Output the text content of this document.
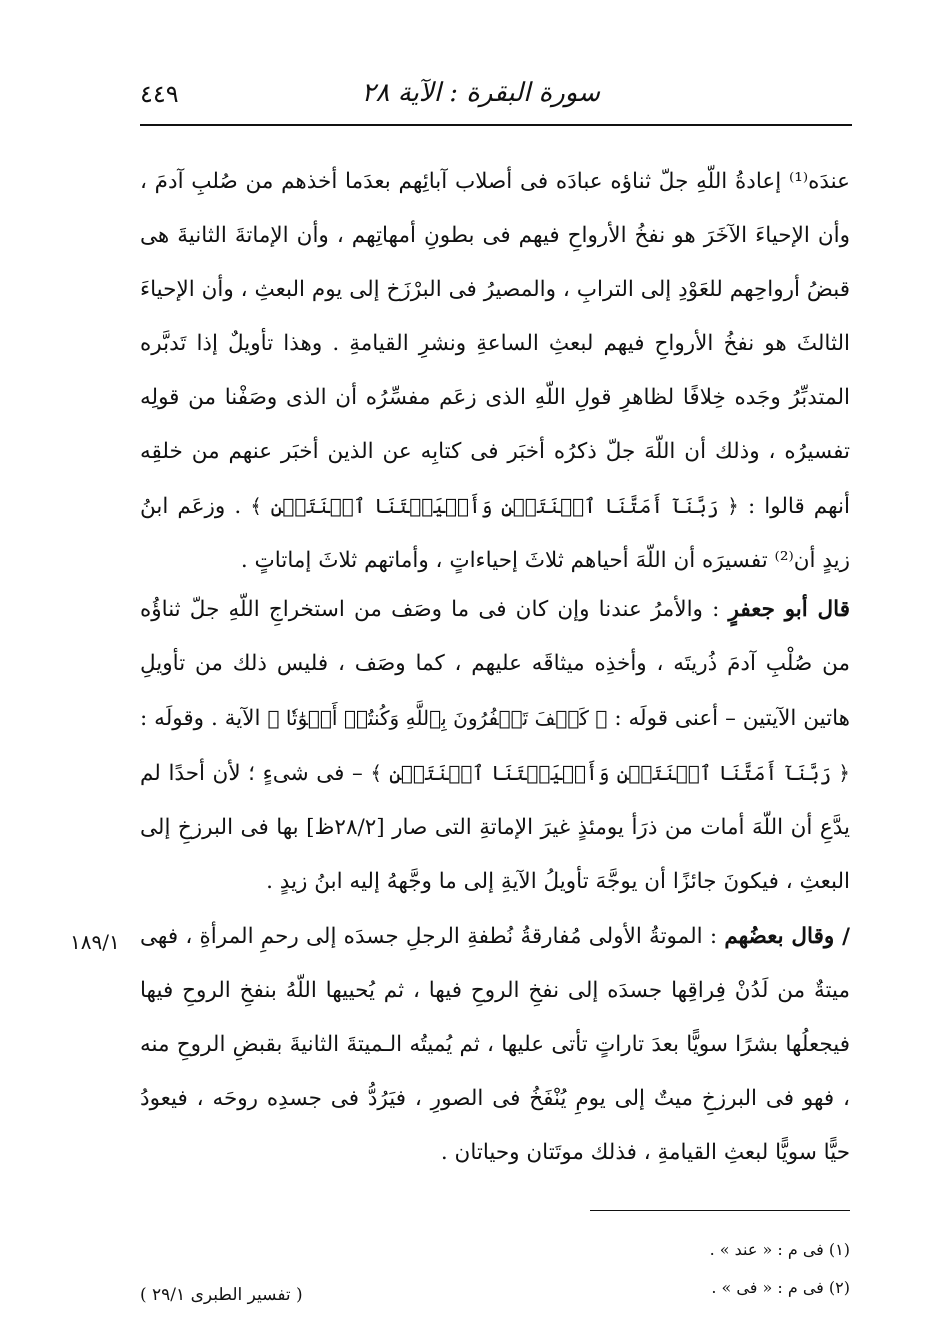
سورة البقرة : الآية ٢٨
٤٤٩

عندَه⁽¹⁾ إعادةُ اللّهِ جلّ ثناؤه عبادَه فى أصلاب آبائِهم بعدَما أخذهم من صُلبِ آدمَ ، وأن الإحياءَ الآخَرَ هو نفخُ الأرواحِ فيهم فى بطونِ أمهاتِهم ، وأن الإماتةَ الثانيةَ هى قبضُ أرواحِهم للعَوْدِ إلى الترابِ ، والمصيرُ فى البرْزَخ إلى يوم البعثِ ، وأن الإحياءَ الثالثَ هو نفخُ الأرواحِ فيهم لبعثِ الساعةِ ونشرِ القيامةِ . وهذا تأويلٌ إذا تَدبَّره المتدبِّرُ وجَده خِلافًا لظاهرِ قولِ اللّهِ الذى زعَم مفسِّرُه أن الذى وصَفْنا من قولِه تفسيرُه ، وذلك أن اللّهَ جلّ ذكرُه أخبَر فى كتابِه عن الذين أخبَر عنهم من خلقِه أنهم قالوا : ﴿ رَبَّنَآ أَمَتَّنَا ٱثۡنَتَيۡنِ وَأَحۡيَيۡتَنَا ٱثۡنَتَيۡنِ ﴾ . وزعَم ابنُ زيدٍ أن⁽²⁾ تفسيرَه أن اللّهَ أحياهم ثلاثَ إحياءاتٍ ، وأماتهم ثلاثَ إماتاتٍ .

قال أبو جعفرٍ : والأمرُ عندنا وإن كان فى ما وصَف من استخراجِ اللّهِ جلّ ثناؤُه من صُلْبِ آدمَ ذُريتَه ، وأخذِه ميثاقَه عليهم ، كما وصَف ، فليس ذلك من تأويلِ هاتين الآيتين – أعنى قولَه : ﴿ كَيۡفَ تَكۡفُرُونَ بِٱللَّهِ وَكُنتُمۡ أَمۡوَٰتٗا ﴾ الآية . وقولَه : ﴿ رَبَّنَآ أَمَتَّنَا ٱثۡنَتَيۡنِ وَأَحۡيَيۡتَنَا ٱثۡنَتَيۡنِ ﴾ – فى شىءٍ ؛ لأن أحدًا لم يدَّعِ أن اللّهَ أمات من ذرَأ يومئذٍ غيرَ الإماتةِ التى صار [٢٨/٢ظ] بها فى البرزخِ إلى البعثِ ، فيكونَ جائزًا أن يوجَّهَ تأويلُ الآيةِ إلى ما وجَّههُ إليه ابنُ زيدٍ .

١٨٩/١	/ وقال بعضُهم : الموتةُ الأولى مُفارقةُ نُطفةِ الرجلِ جسدَه إلى رحمِ المرأةِ ، فهى ميتةٌ من لَدُنْ فِراقِها جسدَه إلى نفخِ الروحِ فيها ، ثم يُحييها اللّهُ بنفخِ الروحِ فيها فيجعلُها بشرًا سويًّا بعدَ تاراتٍ تأتى عليها ، ثم يُميتُه الـميتةَ الثانيةَ بقبضِ الروحِ منه ، فهو فى البرزخِ ميتٌ إلى يومِ يُنْفَخُ فى الصورِ ، فيَرُدُّ فى جسدِه روحَه ، فيعودُ حيًّا سويًّا لبعثِ القيامةِ ، فذلك موتَتان وحياتان .

(١) فى م : « عند » .
(٢) فى م : « فى » .
( تفسير الطبرى ٢٩/١ )
